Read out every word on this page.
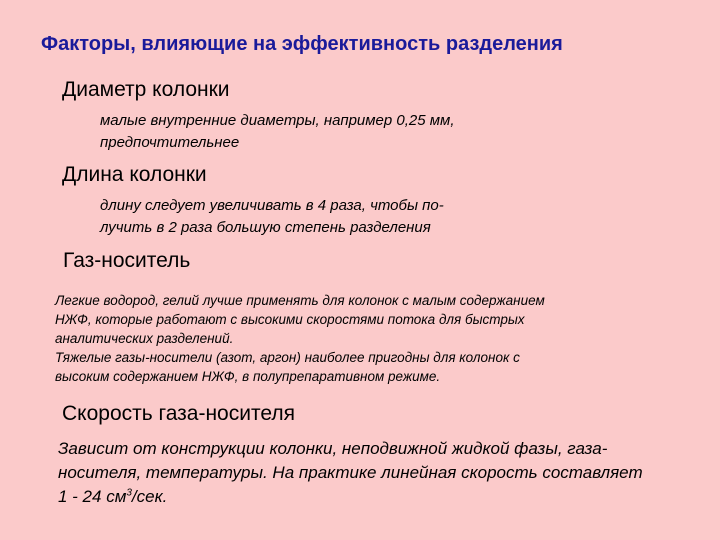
Факторы, влияющие на эффективность разделения
Диаметр колонки
малые внутренние диаметры, например 0,25 мм,
предпочтительнее
Длина колонки
длину следует увеличивать в 4 раза, чтобы по-
лучить в 2 раза большую степень разделения
Газ-носитель
Легкие водород, гелий лучше применять для колонок с малым содержанием
НЖФ, которые работают с высокими скоростями потока для быстрых
аналитических разделений.
Тяжелые газы-носители (азот, аргон) наиболее пригодны для колонок с
высоким содержанием НЖФ, в полупрепаративном режиме.
Скорость газа-носителя
Зависит от конструкции колонки, неподвижной жидкой фазы, газа-
носителя, температуры. На практике линейная скорость составляет
1 - 24 $см^3$/сек.
